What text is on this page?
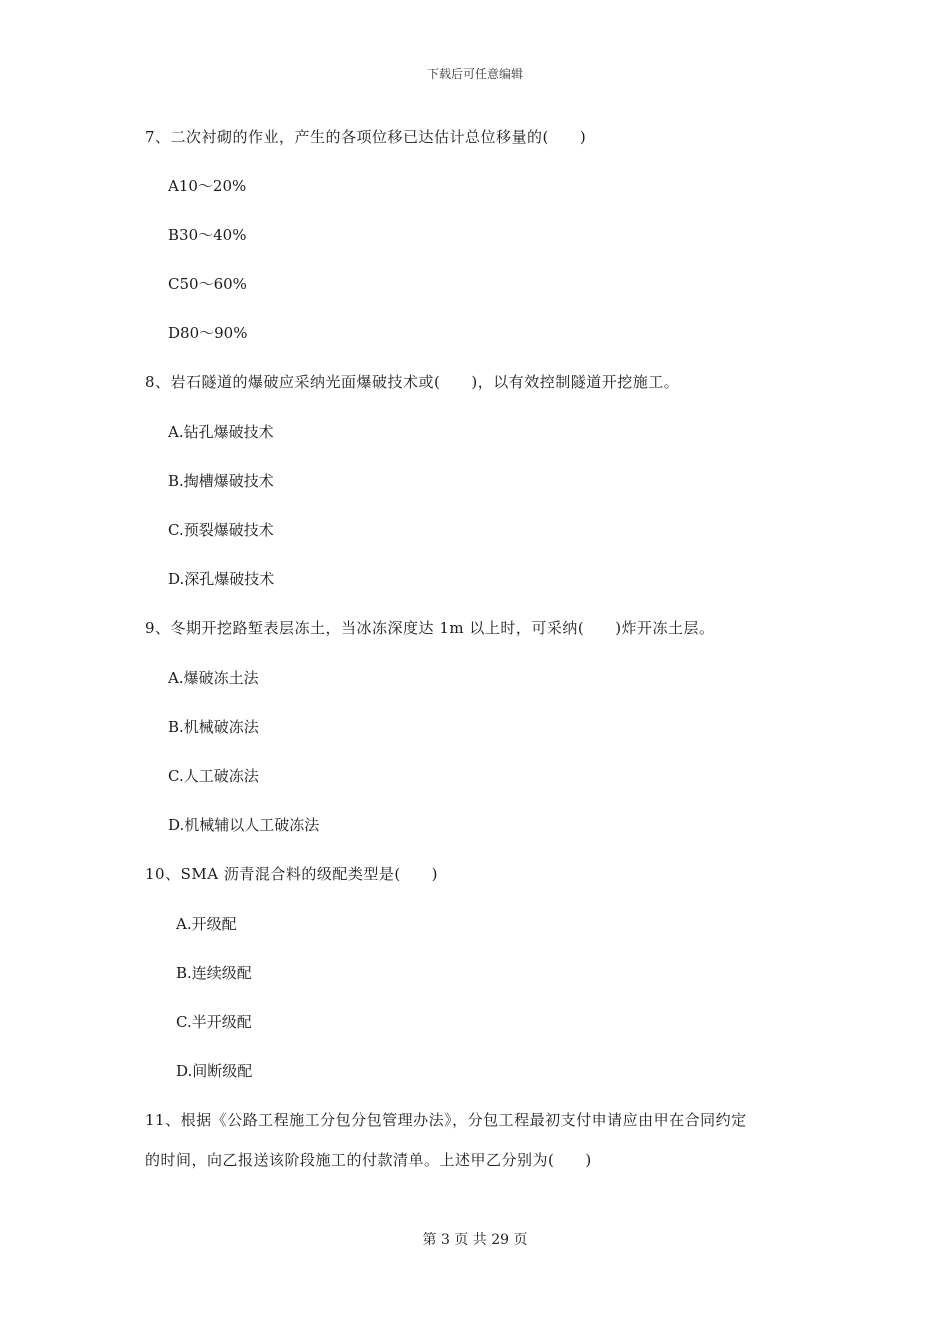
下载后可任意编辑
7、二次衬砌的作业，产生的各项位移已达估计总位移量的(　　)
A10～20%
B30～40%
C50～60%
D80～90%
8、岩石隧道的爆破应采纳光面爆破技术或(　　)，以有效控制隧道开挖施工。
A.钻孔爆破技术
B.掏槽爆破技术
C.预裂爆破技术
D.深孔爆破技术
9、冬期开挖路堑表层冻土，当冰冻深度达 1m 以上时，可采纳(　　)炸开冻土层。
A.爆破冻土法
B.机械破冻法
C.人工破冻法
D.机械辅以人工破冻法
10、SMA 沥青混合料的级配类型是(　　)
A.开级配
B.连续级配
C.半开级配
D.间断级配
11、根据《公路工程施工分包分包管理办法》，分包工程最初支付申请应由甲在合同约定
的时间，向乙报送该阶段施工的付款清单。上述甲乙分别为(　　)
第 3 页 共 29 页
